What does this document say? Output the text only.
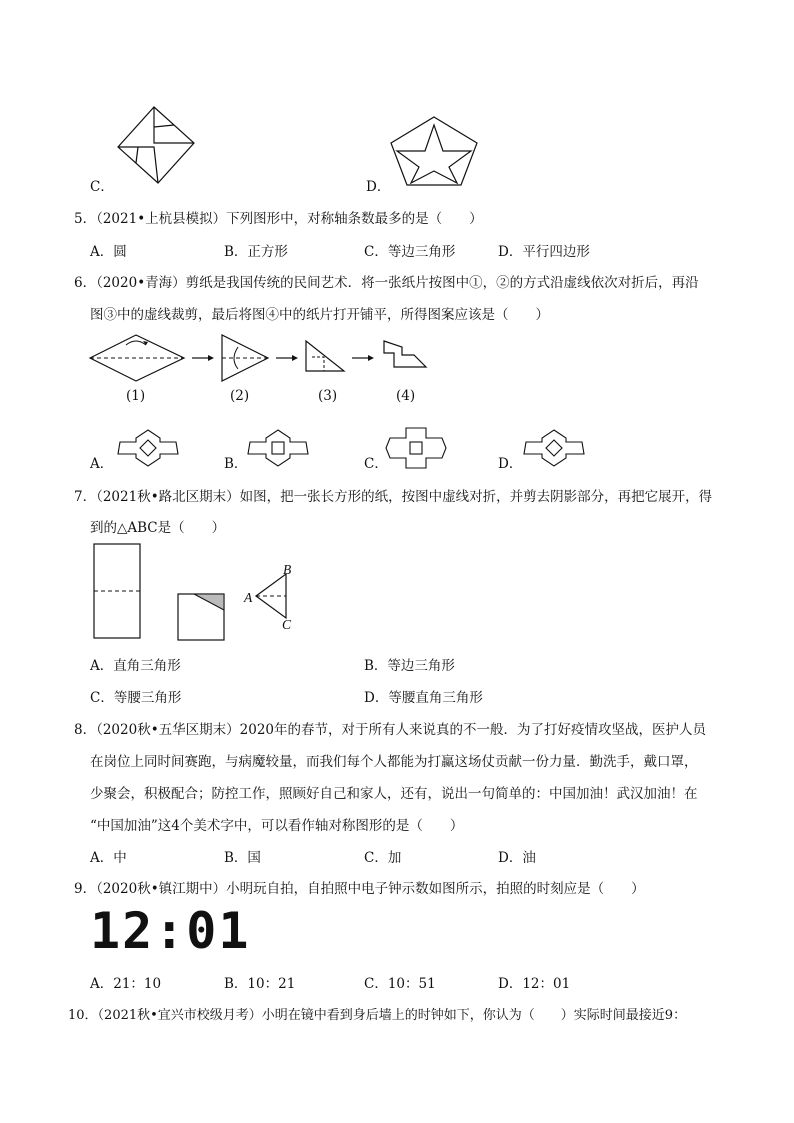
C．	D．
5．（2021•上杭县模拟）下列图形中，对称轴条数最多的是（　　）
A．圆	B．正方形	C．等边三角形	D．平行四边形
6．（2020•青海）剪纸是我国传统的民间艺术．将一张纸片按图中①，②的方式沿虚线依次对折后，再沿
图③中的虚线裁剪，最后将图④中的纸片打开铺平，所得图案应该是（　　）
(1)	(2)	(3)	(4)
A．	B．	C．	D．
7．（2021秋•路北区期末）如图，把一张长方形的纸，按图中虚线对折，并剪去阴影部分，再把它展开，得
到的△ABC是（　　）
B
A
C
A．直角三角形	B．等边三角形
C．等腰三角形	D．等腰直角三角形
8．（2020秋•五华区期末）2020年的春节，对于所有人来说真的不一般．为了打好疫情攻坚战，医护人员
在岗位上同时间赛跑，与病魔较量，而我们每个人都能为打赢这场仗贡献一份力量．勤洗手，戴口罩，
少聚会，积极配合；防控工作，照顾好自己和家人，还有，说出一句简单的：中国加油！武汉加油！在
“中国加油”这4个美术字中，可以看作轴对称图形的是（　　）
A．中	B．国	C．加	D．油
9．（2020秋•镇江期中）小明玩自拍，自拍照中电子钟示数如图所示，拍照的时刻应是（　　）
12:01
A．21：10	B．10：21	C．10：51	D．12：01
10．（2021秋•宜兴市校级月考）小明在镜中看到身后墙上的时钟如下，你认为（　　）实际时间最接近9：
